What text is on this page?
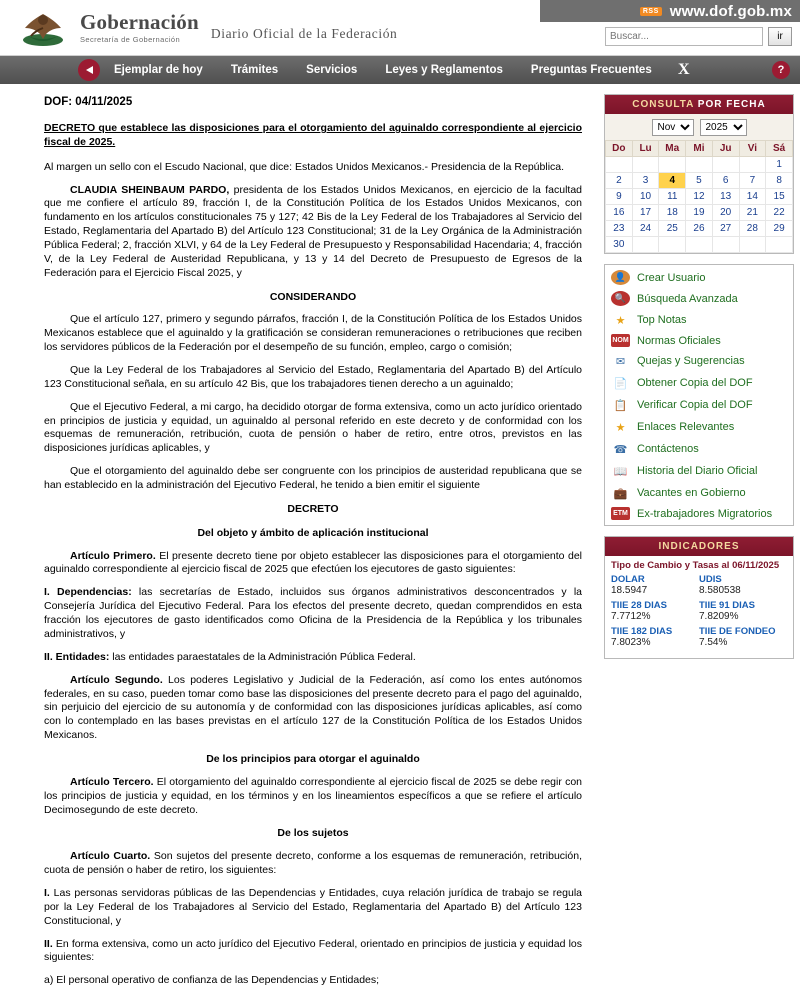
Gobernación
Secretaría de Gobernación	Diario Oficial de la Federación
RSS www.dof.gob.mx
Buscar...
ir
Ejemplar de hoy	Trámites	Servicios	Leyes y Reglamentos	Preguntas Frecuentes	X	?
DOF: 04/11/2025
DECRETO que establece las disposiciones para el otorgamiento del aguinaldo correspondiente al ejercicio fiscal de 2025.

Al margen un sello con el Escudo Nacional, que dice: Estados Unidos Mexicanos.- Presidencia de la República.

CLAUDIA SHEINBAUM PARDO, presidenta de los Estados Unidos Mexicanos, en ejercicio de la facultad que me confiere el artículo 89, fracción I, de la Constitución Política de los Estados Unidos Mexicanos, con fundamento en los artículos constitucionales 75 y 127; 42 Bis de la Ley Federal de los Trabajadores al Servicio del Estado, Reglamentaria del Apartado B) del Artículo 123 Constitucional; 31 de la Ley Orgánica de la Administración Pública Federal; 2, fracción XLVI, y 64 de la Ley Federal de Presupuesto y Responsabilidad Hacendaria; 4, fracción V, de la Ley Federal de Austeridad Republicana, y 13 y 14 del Decreto de Presupuesto de Egresos de la Federación para el Ejercicio Fiscal 2025, y

CONSIDERANDO

Que el artículo 127, primero y segundo párrafos, fracción I, de la Constitución Política de los Estados Unidos Mexicanos establece que el aguinaldo y la gratificación se consideran remuneraciones o retribuciones que reciben los servidores públicos de la Federación por el desempeño de su función, empleo, cargo o comisión;

Que la Ley Federal de los Trabajadores al Servicio del Estado, Reglamentaria del Apartado B) del Artículo 123 Constitucional señala, en su artículo 42 Bis, que los trabajadores tienen derecho a un aguinaldo;

Que el Ejecutivo Federal, a mi cargo, ha decidido otorgar de forma extensiva, como un acto jurídico orientado en principios de justicia y equidad, un aguinaldo al personal referido en este decreto y de conformidad con los esquemas de remuneración, retribución, cuota de pensión o haber de retiro, entre otros, previstos en las disposiciones jurídicas aplicables, y

Que el otorgamiento del aguinaldo debe ser congruente con los principios de austeridad republicana que se han establecido en la administración del Ejecutivo Federal, he tenido a bien emitir el siguiente

DECRETO

Del objeto y ámbito de aplicación institucional

Artículo Primero. El presente decreto tiene por objeto establecer las disposiciones para el otorgamiento del aguinaldo correspondiente al ejercicio fiscal de 2025 que efectúen los ejecutores de gasto siguientes:

I. Dependencias: las secretarías de Estado, incluidos sus órganos administrativos desconcentrados y la Consejería Jurídica del Ejecutivo Federal. Para los efectos del presente decreto, quedan comprendidos en esta fracción los ejecutores de gasto identificados como Oficina de la Presidencia de la República y los tribunales administrativos, y

II. Entidades: las entidades paraestatales de la Administración Pública Federal.

Artículo Segundo. Los poderes Legislativo y Judicial de la Federación, así como los entes autónomos federales, en su caso, pueden tomar como base las disposiciones del presente decreto para el pago del aguinaldo, sin perjuicio del ejercicio de su autonomía y de conformidad con las disposiciones jurídicas aplicables, así como con lo contemplado en las bases previstas en el artículo 127 de la Constitución Política de los Estados Unidos Mexicanos.

De los principios para otorgar el aguinaldo

Artículo Tercero. El otorgamiento del aguinaldo correspondiente al ejercicio fiscal de 2025 se debe regir con los principios de justicia y equidad, en los términos y en los lineamientos específicos a que se refiere el artículo Decimosegundo de este decreto.

De los sujetos

Artículo Cuarto. Son sujetos del presente decreto, conforme a los esquemas de remuneración, retribución, cuota de pensión o haber de retiro, los siguientes:

I. Las personas servidoras públicas de las Dependencias y Entidades, cuya relación jurídica de trabajo se regula por la Ley Federal de los Trabajadores al Servicio del Estado, Reglamentaria del Apartado B) del Artículo 123 Constitucional, y

II. En forma extensiva, como un acto jurídico del Ejecutivo Federal, orientado en principios de justicia y equidad los siguientes:

a) El personal operativo de confianza de las Dependencias y Entidades;

CONSULTA POR FECHA
Nov
2025
Do	Lu	Ma	Mi	Ju	Vi	Sá
						1
2	3	4	5	6	7	8
9	10	11	12	13	14	15
16	17	18	19	20	21	22
23	24	25	26	27	28	29
30						
👤 Crear Usuario
🔍 Búsqueda Avanzada
★	Top Notas
NOM Normas Oficiales
✉	Quejas y Sugerencias
📄 Obtener Copia del DOF
📋 Verificar Copia del DOF
★	Enlaces Relevantes
☎ Contáctenos
📖 Historia del Diario Oficial
💼 Vacantes en Gobierno
ETM Ex-trabajadores Migratorios
INDICADORES
Tipo de Cambio y Tasas al 06/11/2025
DOLAR
18.5947
UDIS
8.580538
TIIE 28 DIAS
7.7712%
TIIE 91 DIAS
7.8209%
TIIE 182 DIAS
7.8023%
TIIE DE FONDEO
7.54%
